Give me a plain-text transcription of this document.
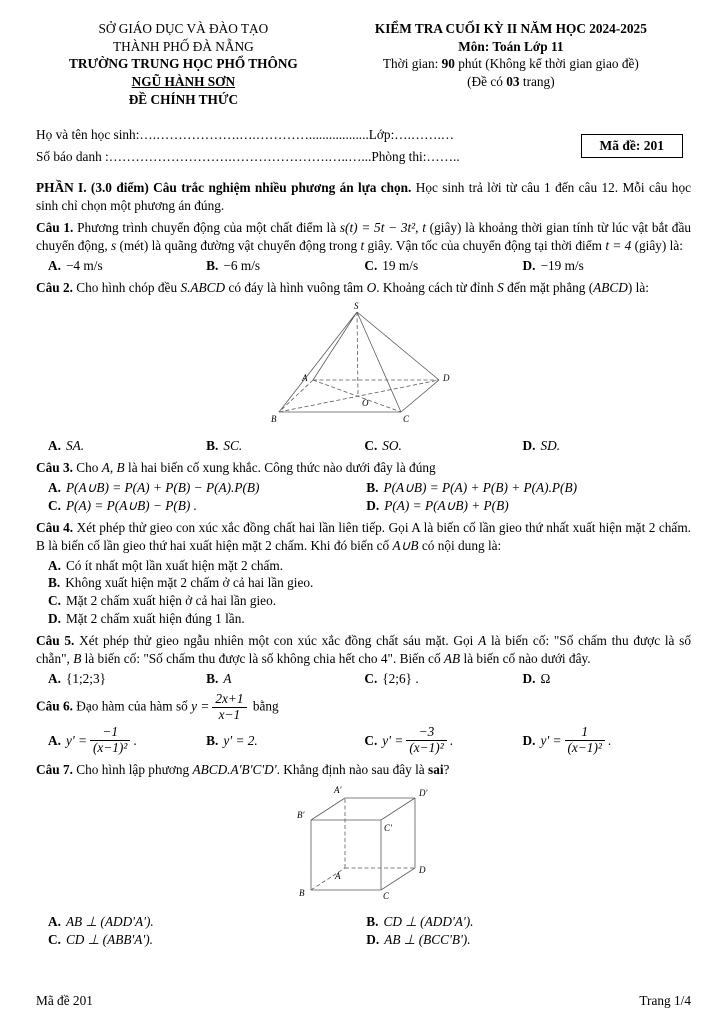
SỞ GIÁO DỤC VÀ ĐÀO TẠO
THÀNH PHỐ ĐÀ NẴNG
TRƯỜNG TRUNG HỌC PHỔ THÔNG
NGŨ HÀNH SƠN
ĐỀ CHÍNH THỨC
KIỂM TRA CUỐI KỲ II NĂM HỌC 2024-2025
Môn: Toán Lớp 11
Thời gian: 90 phút (Không kể thời gian giao đề)
(Đề có 03 trang)

Họ và tên học sinh:….……………….….…………..................Lớp:….…….…

Số báo danh :……………………….………………….…..…...Phòng thi:……..

Mã đề: 201

PHẦN I. (3.0 điểm) Câu trắc nghiệm nhiều phương án lựa chọn. Học sinh trả lời từ câu 1 đến câu 12. Mỗi câu học sinh chỉ chọn một phương án đúng.

Câu 1. Phương trình chuyển động của một chất điểm là s(t) = 5t − 3t², t (giây) là khoảng thời gian tính từ lúc vật bắt đầu chuyển động, s (mét) là quãng đường vật chuyển động trong t giây. Vận tốc của chuyển động tại thời điểm t = 4 (giây) là:

A. −4 m/s	B. −6 m/s	C. 19 m/s	D. −19 m/s

Câu 2. Cho hình chóp đều S.ABCD có đáy là hình vuông tâm O. Khoảng cách từ đỉnh S đến mặt phẳng (ABCD) là:

S
A
B	C
D
O
A. SA.	B. SC.	C. SO.	D. SD.

Câu 3. Cho A, B là hai biến cố xung khắc. Công thức nào dưới đây là đúng

A. P(A∪B) = P(A) + P(B) − P(A).P(B)	B. P(A∪B) = P(A) + P(B) + P(A).P(B)
C. P(A) = P(A∪B) − P(B) .	D. P(A) = P(A∪B) + P(B)

Câu 4. Xét phép thử gieo con xúc xắc đồng chất hai lần liên tiếp. Gọi A là biến cố lần gieo thứ nhất xuất hiện mặt 2 chấm. B là biến cố lần gieo thứ hai xuất hiện mặt 2 chấm. Khi đó biến cố A∪B có nội dung là:

A. Có ít nhất một lần xuất hiện mặt 2 chấm.
B. Không xuất hiện mặt 2 chấm ở cả hai lần gieo.
C. Mặt 2 chấm xuất hiện ở cả hai lần gieo.
D. Mặt 2 chấm xuất hiện đúng 1 lần.

Câu 5. Xét phép thử gieo ngẫu nhiên một con xúc xắc đồng chất sáu mặt. Gọi A là biến cố: "Số chấm thu được là số chẵn", B là biến cố: "Số chấm thu được là số không chia hết cho 4". Biến cố AB là biến cố nào dưới đây.

A. {1;2;3}	B. A	C. {2;6} .	D. Ω

Câu 6. Đạo hàm của hàm số $y = \frac{2x+1}{x-1}$ bằng

A. $y' = \frac{-1}{\text{(x−1)²}}$ .	B. y' = 2.	C. $y' = \frac{-3}{\text{(x−1)²}}$ .	D. $y' = \frac{1}{\text{(x−1)²}}$ .

Câu 7. Cho hình lập phương ABCD.A'B'C'D'. Khẳng định nào sau đây là sai?

B	C
D
A
B'
C'
D'
A'
A. AB ⊥ (ADD'A').	B. CD ⊥ (ADD'A').
C. CD ⊥ (ABB'A').	D. AB ⊥ (BCC'B').
Mã đề 201	Trang 1/4
